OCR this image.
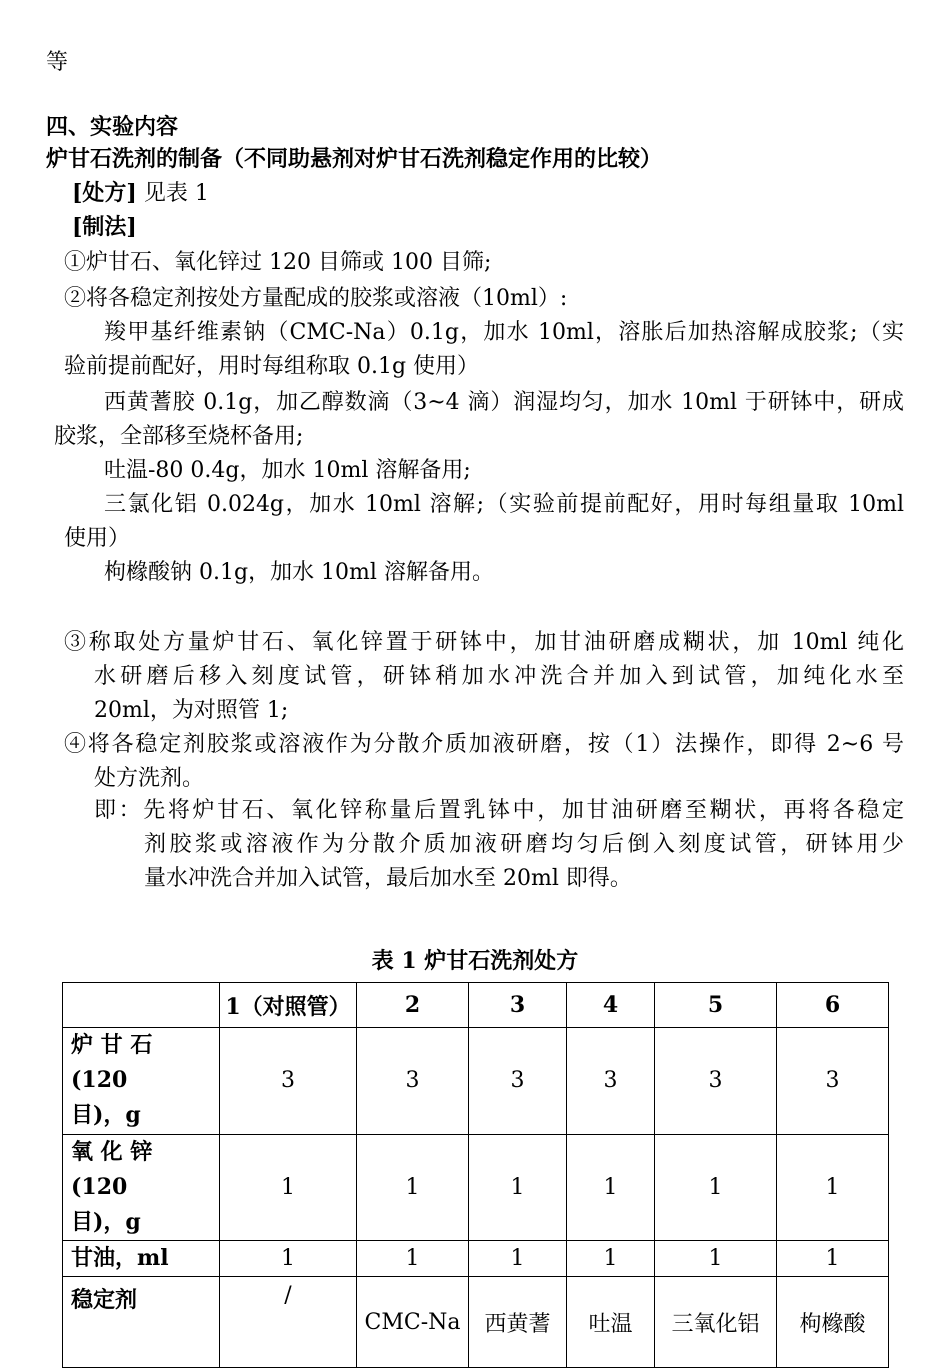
等
四、实验内容
炉甘石洗剂的制备（不同助悬剂对炉甘石洗剂稳定作用的比较）
[处方] 见表 1
[制法]
①炉甘石、氧化锌过 120 目筛或 100 目筛;
②将各稳定剂按处方量配成的胶浆或溶液（10ml）:
羧甲基纤维素钠（CMC-Na）0.1g，加水 10ml，溶胀后加热溶解成胶浆;（实
验前提前配好，用时每组称取 0.1g 使用）
西黄蓍胶 0.1g，加乙醇数滴（3~4 滴）润湿均匀，加水 10ml 于研钵中，研成
胶浆，全部移至烧杯备用;
吐温-80 0.4g，加水 10ml 溶解备用;
三氯化铝 0.024g，加水 10ml 溶解;（实验前提前配好，用时每组量取 10ml
使用）
枸橼酸钠 0.1g，加水 10ml 溶解备用。
③称取处方量炉甘石、氧化锌置于研钵中，加甘油研磨成糊状，加 10ml 纯化
水研磨后移入刻度试管，研钵稍加水冲洗合并加入到试管，加纯化水至
20ml，为对照管 1;
④将各稳定剂胶浆或溶液作为分散介质加液研磨，按（1）法操作，即得 2~6 号
处方洗剂。
即：先将炉甘石、氧化锌称量后置乳钵中，加甘油研磨至糊状，再将各稳定
剂胶浆或溶液作为分散介质加液研磨均匀后倒入刻度试管，研钵用少
量水冲洗合并加入试管，最后加水至 20ml 即得。
表 1 炉甘石洗剂处方
	1（对照管）	2	3	4	5	6

炉 甘 石 (120
目)，g	3	3	3	3	3	3

氧 化 锌 (120
目)，g	1	1	1	1	1	1
甘油，ml	1	1	1	1	1	1
稳定剂	/	CMC-Na	西黄蓍	吐温	三氧化铝	枸橼酸
